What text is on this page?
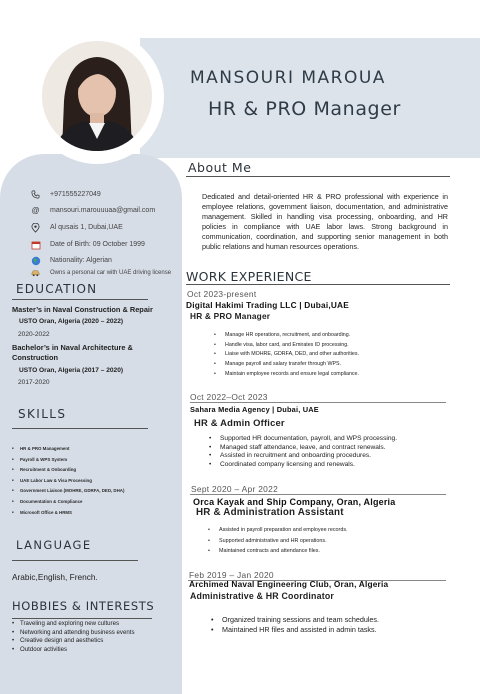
MANSOURI MAROUA
HR & PRO Manager
+971555227049
@ mansouri.marouuuaa@gmail.com
Al qusais 1, Dubai,UAE
Date of Birth: 09 October 1999
Nationality: Algerian
Owns a personal car with UAE driving license
EDUCATION
Master’s in Naval Construction & Repair
USTO Oran, Algeria (2020 – 2022)
2020-2022
Bachelor’s in Naval Architecture & Construction
USTO Oran, Algeria (2017 – 2020)
2017-2020
SKILLS
• HR & PRO Management
• Payroll & WPS System
• Recruitment & Onboarding
• UAE Labor Law & Visa Processing
• Government Liaison (MOHRE, GDRFA, DED, DHA)
• Documentation & Compliance
• Microsoft Office & HRMS
LANGUAGE
Arabic,English, French.
HOBBIES & INTERESTS
• Traveling and exploring new cultures
• Networking and attending business events
• Creative design and aesthetics
• Outdoor activities
About Me
Dedicated and detail-oriented HR & PRO professional with experience in employee relations, government liaison, documentation, and administrative management. Skilled in handling visa processing, onboarding, and HR policies in compliance with UAE labor laws. Strong background in communication, coordination, and supporting senior management in both public relations and human resources operations.
WORK EXPERIENCE
Oct 2023-present
Digital Hakimi Trading LLC | Dubai,UAE
HR & PRO Manager
• Manage HR operations, recruitment, and onboarding.
• Handle visa, labor card, and Emirates ID processing.
• Liaise with MOHRE, GDRFA, DED, and other authorities.
• Manage payroll and salary transfer through WPS.
• Maintain employee records and ensure legal compliance.
Oct 2022–Oct 2023
Sahara Media Agency | Dubai, UAE
HR & Admin Officer
• Supported HR documentation, payroll, and WPS processing.
• Managed staff attendance, leave, and contract renewals.
• Assisted in recruitment and onboarding procedures.
• Coordinated company licensing and renewals.
Sept 2020 – Apr 2022
Orca Kayak and Ship Company, Oran, Algeria
HR & Administration Assistant
• Assisted in payroll preparation and employee records.
• Supported administrative and HR operations.
• Maintained contracts and attendance files.
Feb 2019 – Jan 2020
Archimed Naval Engineering Club, Oran, Algeria
Administrative & HR Coordinator
• Organized training sessions and team schedules.
• Maintained HR files and assisted in admin tasks.
